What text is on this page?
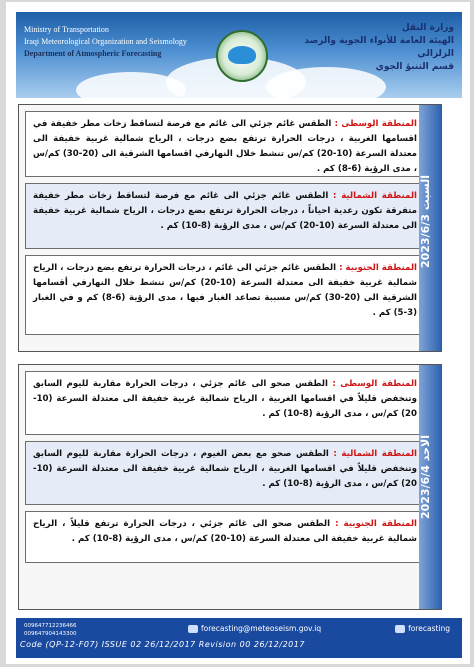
Ministry of Transportation
Iraqi Meteorological Organization and Seismology
Department of Atmospheric Forecasting
وزارة النقل
الهيئة العامة للأنواء الجوية والرصد الزلزالي
قسم التنبؤ الجوي
المنطقة الوسطى : الطقس غائم جزئي الى غائم مع فرصة لتساقط زخات مطر خفيفة في اقسامها الغربية ، درجات الحرارة ترتفع بضع درجات ، الرياح شمالية غربية خفيفة الى معتدلة السرعة (10-20) كم/س تنشط خلال النهارفي اقسامها الشرقية الى (20-30) كم/س ، مدى الرؤية (6-8) كم .
المنطقة الشمالية : الطقس غائم جزئي الى غائم مع فرصة لتساقط زخات مطر خفيفة متفرقة تكون رعدية احياناً ، درجات الحرارة ترتفع بضع درجات ، الرياح شمالية غربية خفيفة الى معتدلة السرعة (10-20) كم/س ، مدى الرؤية (8-10) كم .
المنطقة الجنوبية : الطقس غائم جزئي الى غائم ، درجات الحرارة ترتفع بضع درجات ، الرياح شمالية غربية خفيفة الى معتدلة السرعة (10-20) كم/س تنشط خلال النهارفي أقسامها الشرقية الى (20-30) كم/س مسببة تصاعد الغبار فيها ، مدى الرؤية (6-8) كم و في الغبار (3-5) كم .
السبت 2023/6/3
المنطقة الوسطى : الطقس صحو الى غائم جزئي ، درجات الحرارة مقاربة لليوم السابق وتنخفض قليلاً في اقسامها الغربية ، الرياح شمالية غربية خفيفة الى معتدلة السرعة (10-20) كم/س ، مدى الرؤية (8-10) كم .
المنطقة الشمالية : الطقس صحو مع بعض الغيوم ، درجات الحرارة مقاربة لليوم السابق وتنخفض قليلاً في اقسامها الغربية ، الرياح شمالية غربية خفيفة الى معتدلة السرعة (10-20) كم/س ، مدى الرؤية (8-10) كم .
المنطقة الجنوبية : الطقس صحو الى غائم جزئي ، درجات الحرارة ترتفع قليلاً ، الرياح شمالية غربية خفيفة الى معتدلة السرعة (10-20) كم/س ، مدى الرؤية (8-10) كم .
الاحد 2023/6/4
009647712236466
009647904143300
forecasting@meteoseism.gov.iq	forecasting
Code (QP-12-F07) ISSUE 02 26/12/2017 Revision 00 26/12/2017
